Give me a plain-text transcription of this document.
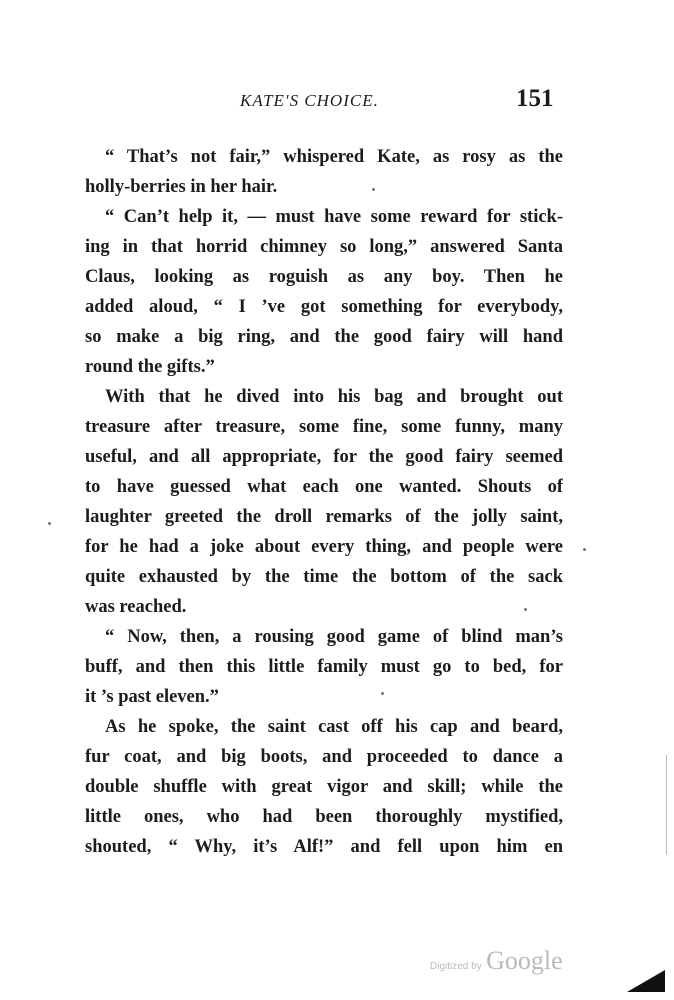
KATE'S CHOICE.	151
“ That’s not fair,” whispered Kate, as rosy as the
holly-berries in her hair.
“ Can’t help it, — must have some reward for stick-
ing in that horrid chimney so long,” answered Santa
Claus, looking as roguish as any boy. Then he
added aloud, “ I ’ve got something for everybody,
so make a big ring, and the good fairy will hand
round the gifts.”
With that he dived into his bag and brought out
treasure after treasure, some fine, some funny, many
useful, and all appropriate, for the good fairy seemed
to have guessed what each one wanted. Shouts of
laughter greeted the droll remarks of the jolly saint,
for he had a joke about every thing, and people were
quite exhausted by the time the bottom of the sack
was reached.
“ Now, then, a rousing good game of blind man’s
buff, and then this little family must go to bed, for
it ’s past eleven.”
As he spoke, the saint cast off his cap and beard,
fur coat, and big boots, and proceeded to dance a
double shuffle with great vigor and skill; while the
little ones, who had been thoroughly mystified,
shouted, “ Why, it’s Alf!” and fell upon him en
Digitized by Google
